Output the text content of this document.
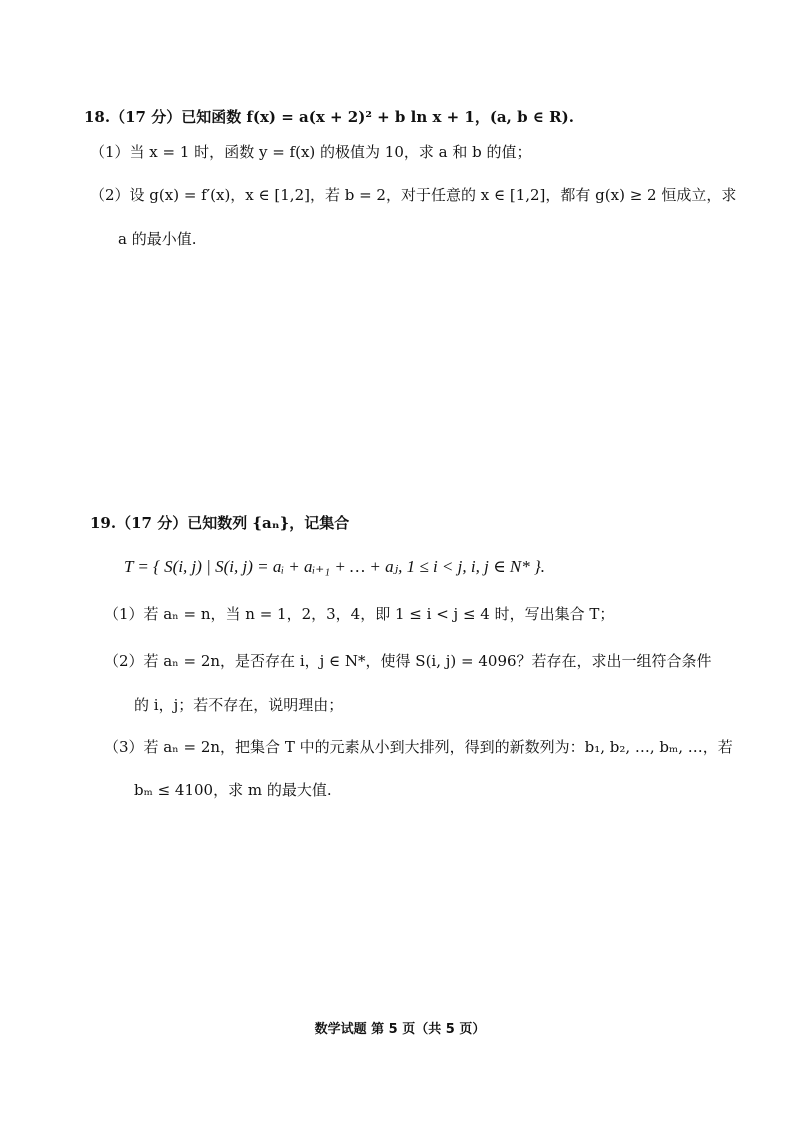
18.（17 分）已知函数 f(x) = a(x + 2)² + b ln x + 1，(a, b ∈ R).
（1）当 x = 1 时，函数 y = f(x) 的极值为 10，求 a 和 b 的值；
（2）设 g(x) = f′(x)，x ∈ [1,2]，若 b = 2，对于任意的 x ∈ [1,2]，都有 g(x) ≥ 2 恒成立，求
a 的最小值.
19.（17 分）已知数列 {aₙ}，记集合
T = { S(i, j) | S(i, j) = aᵢ + aᵢ₊₁ + … + aⱼ, 1 ≤ i < j, i, j ∈ N* }.
（1）若 aₙ = n，当 n = 1，2，3，4，即 1 ≤ i < j ≤ 4 时，写出集合 T；
（2）若 aₙ = 2n，是否存在 i，j ∈ N*，使得 S(i, j) = 4096？若存在，求出一组符合条件
的 i，j；若不存在，说明理由；
（3）若 aₙ = 2n，把集合 T 中的元素从小到大排列，得到的新数列为：b₁, b₂, …, bₘ, …，若
bₘ ≤ 4100，求 m 的最大值.
数学试题 第 5 页（共 5 页）
